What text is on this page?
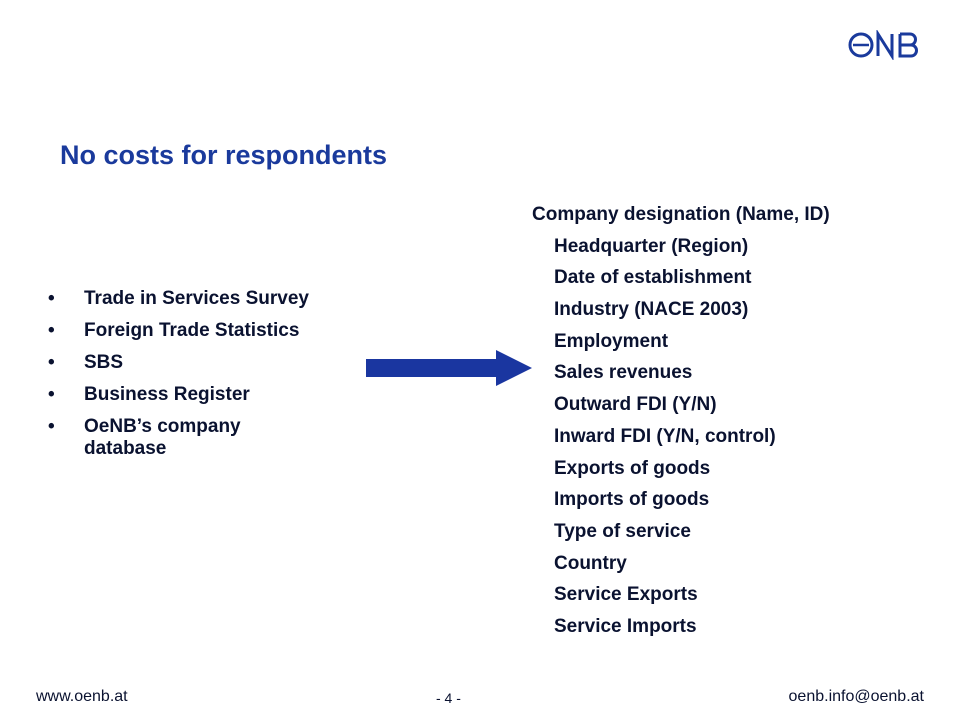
No costs for respondents
• Trade in Services Survey
• Foreign Trade Statistics
• SBS
• Business Register
• OeNB’s company database
Company designation (Name, ID)
Headquarter (Region)
Date of establishment
Industry (NACE 2003)
Employment
Sales revenues
Outward FDI (Y/N)
Inward FDI (Y/N, control)
Exports of goods
Imports of goods
Type of service
Country
Service Exports
Service Imports
www.oenb.at	- 4 -	oenb.info@oenb.at
